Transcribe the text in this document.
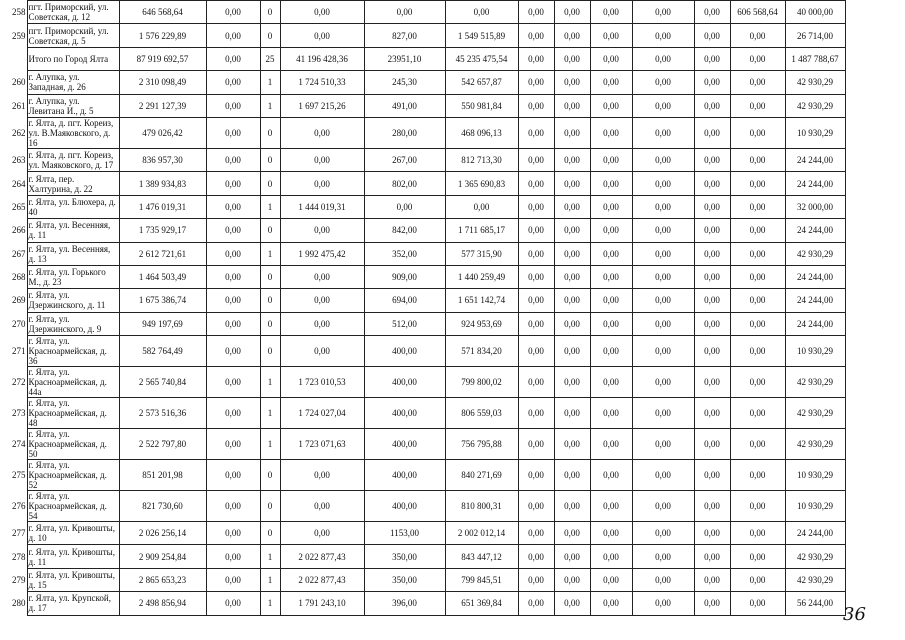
258	пгт. Приморский, ул. Советская, д. 12	646 568,64	0,00	0	0,00	0,00	0,00	0,00	0,00	0,00	0,00	0,00	606 568,64	40 000,00
259	пгт. Приморский, ул. Советская, д. 5	1 576 229,89	0,00	0	0,00	827,00	1 549 515,89	0,00	0,00	0,00	0,00	0,00	0,00	26 714,00
	Итого по Город Ялта	87 919 692,57	0,00	25	41 196 428,36	23951,10	45 235 475,54	0,00	0,00	0,00	0,00	0,00	0,00	1 487 788,67
260	г. Алупка, ул. Западная, д. 26	2 310 098,49	0,00	1	1 724 510,33	245,30	542 657,87	0,00	0,00	0,00	0,00	0,00	0,00	42 930,29
261	г. Алупка, ул. Левитана И., д. 5	2 291 127,39	0,00	1	1 697 215,26	491,00	550 981,84	0,00	0,00	0,00	0,00	0,00	0,00	42 930,29
262	г. Ялта, д. пгт. Кореиз, ул. В.Маяковского, д. 16	479 026,42	0,00	0	0,00	280,00	468 096,13	0,00	0,00	0,00	0,00	0,00	0,00	10 930,29
263	г. Ялта, д. пгт. Кореиз, ул. Маяковского, д. 17	836 957,30	0,00	0	0,00	267,00	812 713,30	0,00	0,00	0,00	0,00	0,00	0,00	24 244,00
264	г. Ялта, пер. Халтурина, д. 22	1 389 934,83	0,00	0	0,00	802,00	1 365 690,83	0,00	0,00	0,00	0,00	0,00	0,00	24 244,00
265	г. Ялта, ул. Блюхера, д. 40	1 476 019,31	0,00	1	1 444 019,31	0,00	0,00	0,00	0,00	0,00	0,00	0,00	0,00	32 000,00
266	г. Ялта, ул. Весенняя, д. 11	1 735 929,17	0,00	0	0,00	842,00	1 711 685,17	0,00	0,00	0,00	0,00	0,00	0,00	24 244,00
267	г. Ялта, ул. Весенняя, д. 13	2 612 721,61	0,00	1	1 992 475,42	352,00	577 315,90	0,00	0,00	0,00	0,00	0,00	0,00	42 930,29
268	г. Ялта, ул. Горького М., д. 23	1 464 503,49	0,00	0	0,00	909,00	1 440 259,49	0,00	0,00	0,00	0,00	0,00	0,00	24 244,00
269	г. Ялта, ул. Дзержинского, д. 11	1 675 386,74	0,00	0	0,00	694,00	1 651 142,74	0,00	0,00	0,00	0,00	0,00	0,00	24 244,00
270	г. Ялта, ул. Дзержинского, д. 9	949 197,69	0,00	0	0,00	512,00	924 953,69	0,00	0,00	0,00	0,00	0,00	0,00	24 244,00
271	г. Ялта, ул. Красноармейская, д. 36	582 764,49	0,00	0	0,00	400,00	571 834,20	0,00	0,00	0,00	0,00	0,00	0,00	10 930,29
272	г. Ялта, ул. Красноармейская, д. 44а	2 565 740,84	0,00	1	1 723 010,53	400,00	799 800,02	0,00	0,00	0,00	0,00	0,00	0,00	42 930,29
273	г. Ялта, ул. Красноармейская, д. 48	2 573 516,36	0,00	1	1 724 027,04	400,00	806 559,03	0,00	0,00	0,00	0,00	0,00	0,00	42 930,29
274	г. Ялта, ул. Красноармейская, д. 50	2 522 797,80	0,00	1	1 723 071,63	400,00	756 795,88	0,00	0,00	0,00	0,00	0,00	0,00	42 930,29
275	г. Ялта, ул. Красноармейская, д. 52	851 201,98	0,00	0	0,00	400,00	840 271,69	0,00	0,00	0,00	0,00	0,00	0,00	10 930,29
276	г. Ялта, ул. Красноармейская, д. 54	821 730,60	0,00	0	0,00	400,00	810 800,31	0,00	0,00	0,00	0,00	0,00	0,00	10 930,29
277	г. Ялта, ул. Кривошты, д. 10	2 026 256,14	0,00	0	0,00	1153,00	2 002 012,14	0,00	0,00	0,00	0,00	0,00	0,00	24 244,00
278	г. Ялта, ул. Кривошты, д. 11	2 909 254,84	0,00	1	2 022 877,43	350,00	843 447,12	0,00	0,00	0,00	0,00	0,00	0,00	42 930,29
279	г. Ялта, ул. Кривошты, д. 15	2 865 653,23	0,00	1	2 022 877,43	350,00	799 845,51	0,00	0,00	0,00	0,00	0,00	0,00	42 930,29
280	г. Ялта, ул. Крупской, д. 17	2 498 856,94	0,00	1	1 791 243,10	396,00	651 369,84	0,00	0,00	0,00	0,00	0,00	0,00	56 244,00
36
